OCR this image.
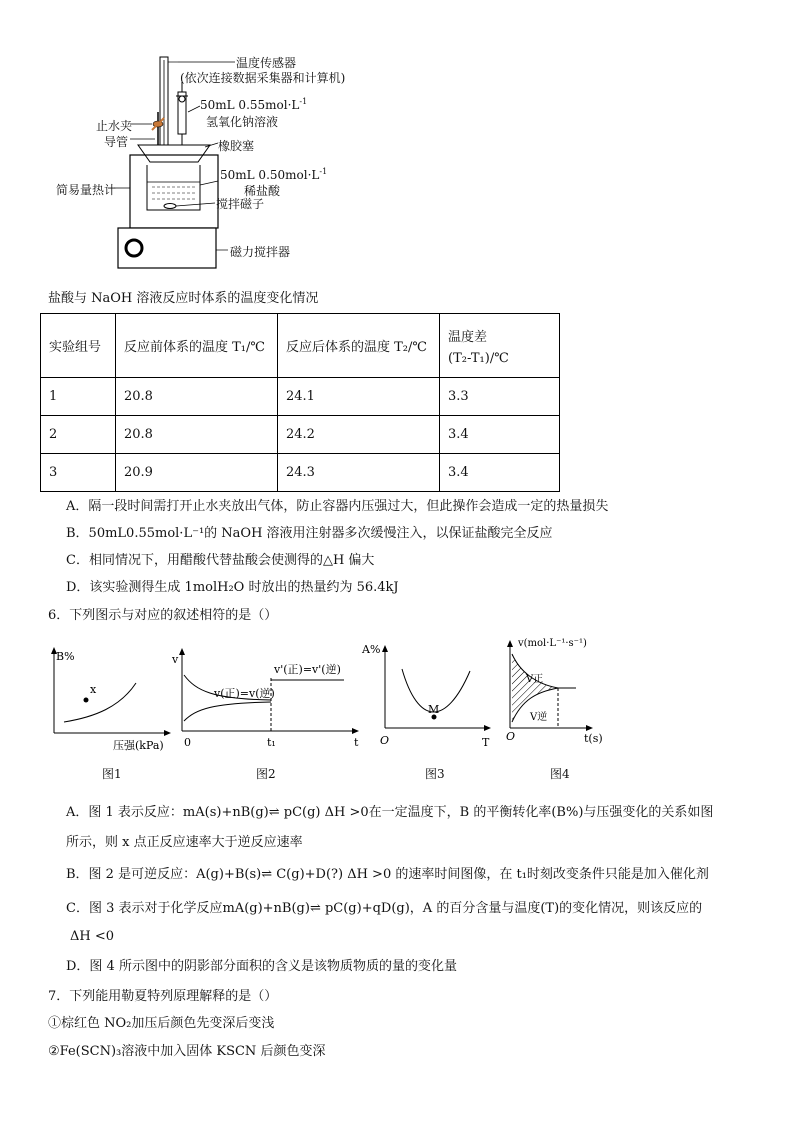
温度传感器
(依次连接数据采集器和计算机)
50mL $0.55mol\cdot L^{-1}$
氢氧化钠溶液
止水夹
导管	橡胶塞
简易量热计
50mL $0.50mol\cdot L^{-1}$
稀盐酸
搅拌磁子
磁力搅拌器
盐酸与 NaOH 溶液反应时体系的温度变化情况
实验组号	反应前体系的温度 T₁/℃	反应后体系的温度 T₂/℃	温度差
(T₂-T₁)/℃

1	20.8	24.1	3.3
2	20.8	24.2	3.4
3	20.9	24.3	3.4
A．隔一段时间需打开止水夹放出气体，防止容器内压强过大，但此操作会造成一定的热量损失
B．50mL0.55mol·L⁻¹的 NaOH 溶液用注射器多次缓慢注入，以保证盐酸完全反应
C．相同情况下，用醋酸代替盐酸会使测得的△H 偏大
D．该实验测得生成 1molH₂O 时放出的热量约为 56.4kJ
6．下列图示与对应的叙述相符的是（）
B%
x
压强(kPa)
v
v(正)=v(逆)
v'(正)=v'(逆)
0	t₁	t
A%
M
O	T
v(mol·L⁻¹·s⁻¹)
V正
V逆
O	t(s)
图1	图2	图3	图4
A．图 1 表示反应：mA(s)+nB(g)⇌ pC(g) ΔH >0在一定温度下，B 的平衡转化率(B%)与压强变化的关系如图
所示，则 x 点正反应速率大于逆反应速率
B．图 2 是可逆反应：A(g)+B(s)⇌ C(g)+D(?) ΔH >0 的速率时间图像，在 t₁时刻改变条件只能是加入催化剂
C．图 3 表示对于化学反应mA(g)+nB(g)⇌ pC(g)+qD(g)，A 的百分含量与温度(T)的变化情况，则该反应的
ΔH <0
D．图 4 所示图中的阴影部分面积的含义是该物质物质的量的变化量
7．下列能用勒夏特列原理解释的是（）
①棕红色 NO₂加压后颜色先变深后变浅
②Fe(SCN)₃溶液中加入固体 KSCN 后颜色变深
